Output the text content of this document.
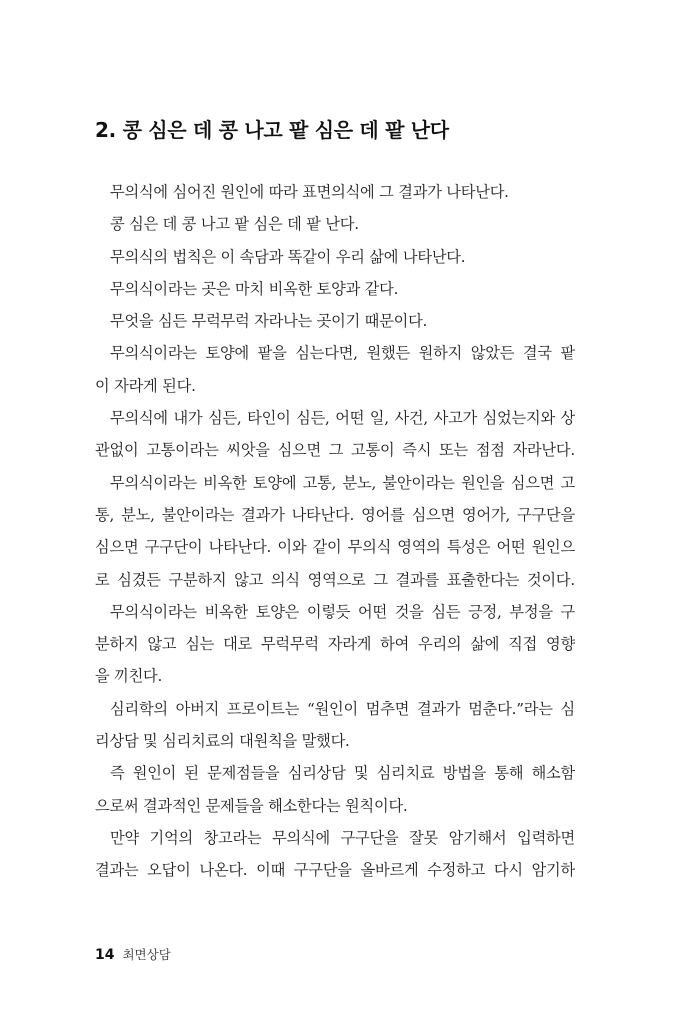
2. 콩 심은 데 콩 나고 팥 심은 데 팥 난다
무의식에 심어진 원인에 따라 표면의식에 그 결과가 나타난다.
콩 심은 데 콩 나고 팥 심은 데 팥 난다.
무의식의 법칙은 이 속담과 똑같이 우리 삶에 나타난다.
무의식이라는 곳은 마치 비옥한 토양과 같다.
무엇을 심든 무럭무럭 자라나는 곳이기 때문이다.
무의식이라는 토양에 팥을 심는다면, 원했든 원하지 않았든 결국 팥
이 자라게 된다.
무의식에 내가 심든, 타인이 심든, 어떤 일, 사건, 사고가 심었는지와 상
관없이 고통이라는 씨앗을 심으면 그 고통이 즉시 또는 점점 자라난다.
무의식이라는 비옥한 토양에 고통, 분노, 불안이라는 원인을 심으면 고
통, 분노, 불안이라는 결과가 나타난다. 영어를 심으면 영어가, 구구단을
심으면 구구단이 나타난다. 이와 같이 무의식 영역의 특성은 어떤 원인으
로 심겼든 구분하지 않고 의식 영역으로 그 결과를 표출한다는 것이다.
무의식이라는 비옥한 토양은 이렇듯 어떤 것을 심든 긍정, 부정을 구
분하지 않고 심는 대로 무럭무럭 자라게 하여 우리의 삶에 직접 영향
을 끼친다.
심리학의 아버지 프로이트는 “원인이 멈추면 결과가 멈춘다.”라는 심
리상담 및 심리치료의 대원칙을 말했다.
즉 원인이 된 문제점들을 심리상담 및 심리치료 방법을 통해 해소함
으로써 결과적인 문제들을 해소한다는 원칙이다.
만약 기억의 창고라는 무의식에 구구단을 잘못 암기해서 입력하면
결과는 오답이 나온다. 이때 구구단을 올바르게 수정하고 다시 암기하
14 최면상담
